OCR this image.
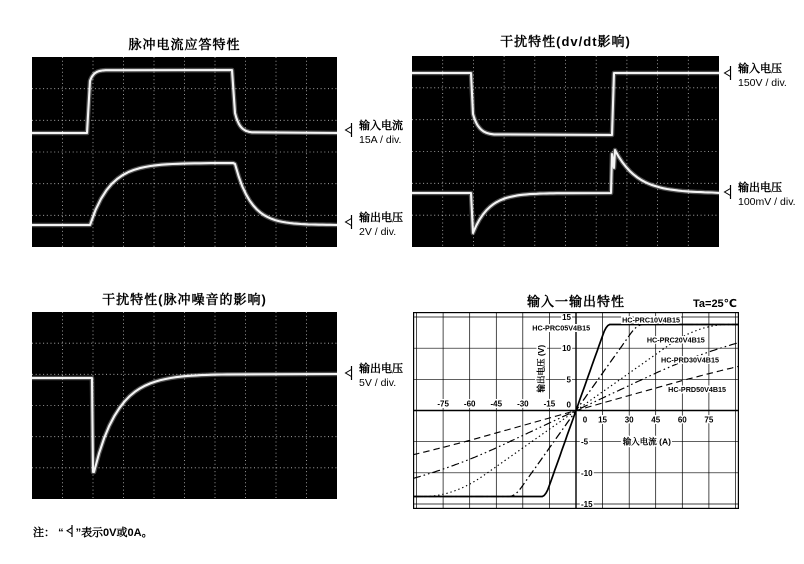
脉冲电流应答特性	干扰特性(dv/dt影响)
干扰特性(脉冲噪音的影响)	输入一输出特性	Ta=25℃
-75 -60 -45 -30 -15
0 15 30 45 60 75
-15
-10
-5
0
5
10
15
输入电流 (A)
输出电压 (V)
HC-PRC05V4B15
HC-PRC10V4B15
HC-PRC20V4B15
HC-PRD30V4B15
HC-PRD50V4B15
输入电流
15A / div.
输出电压
2V / div.
输入电压
150V / div.
输出电压
100mV / div.
输出电压
5V / div.
注： “ ”表示0V或0A。
